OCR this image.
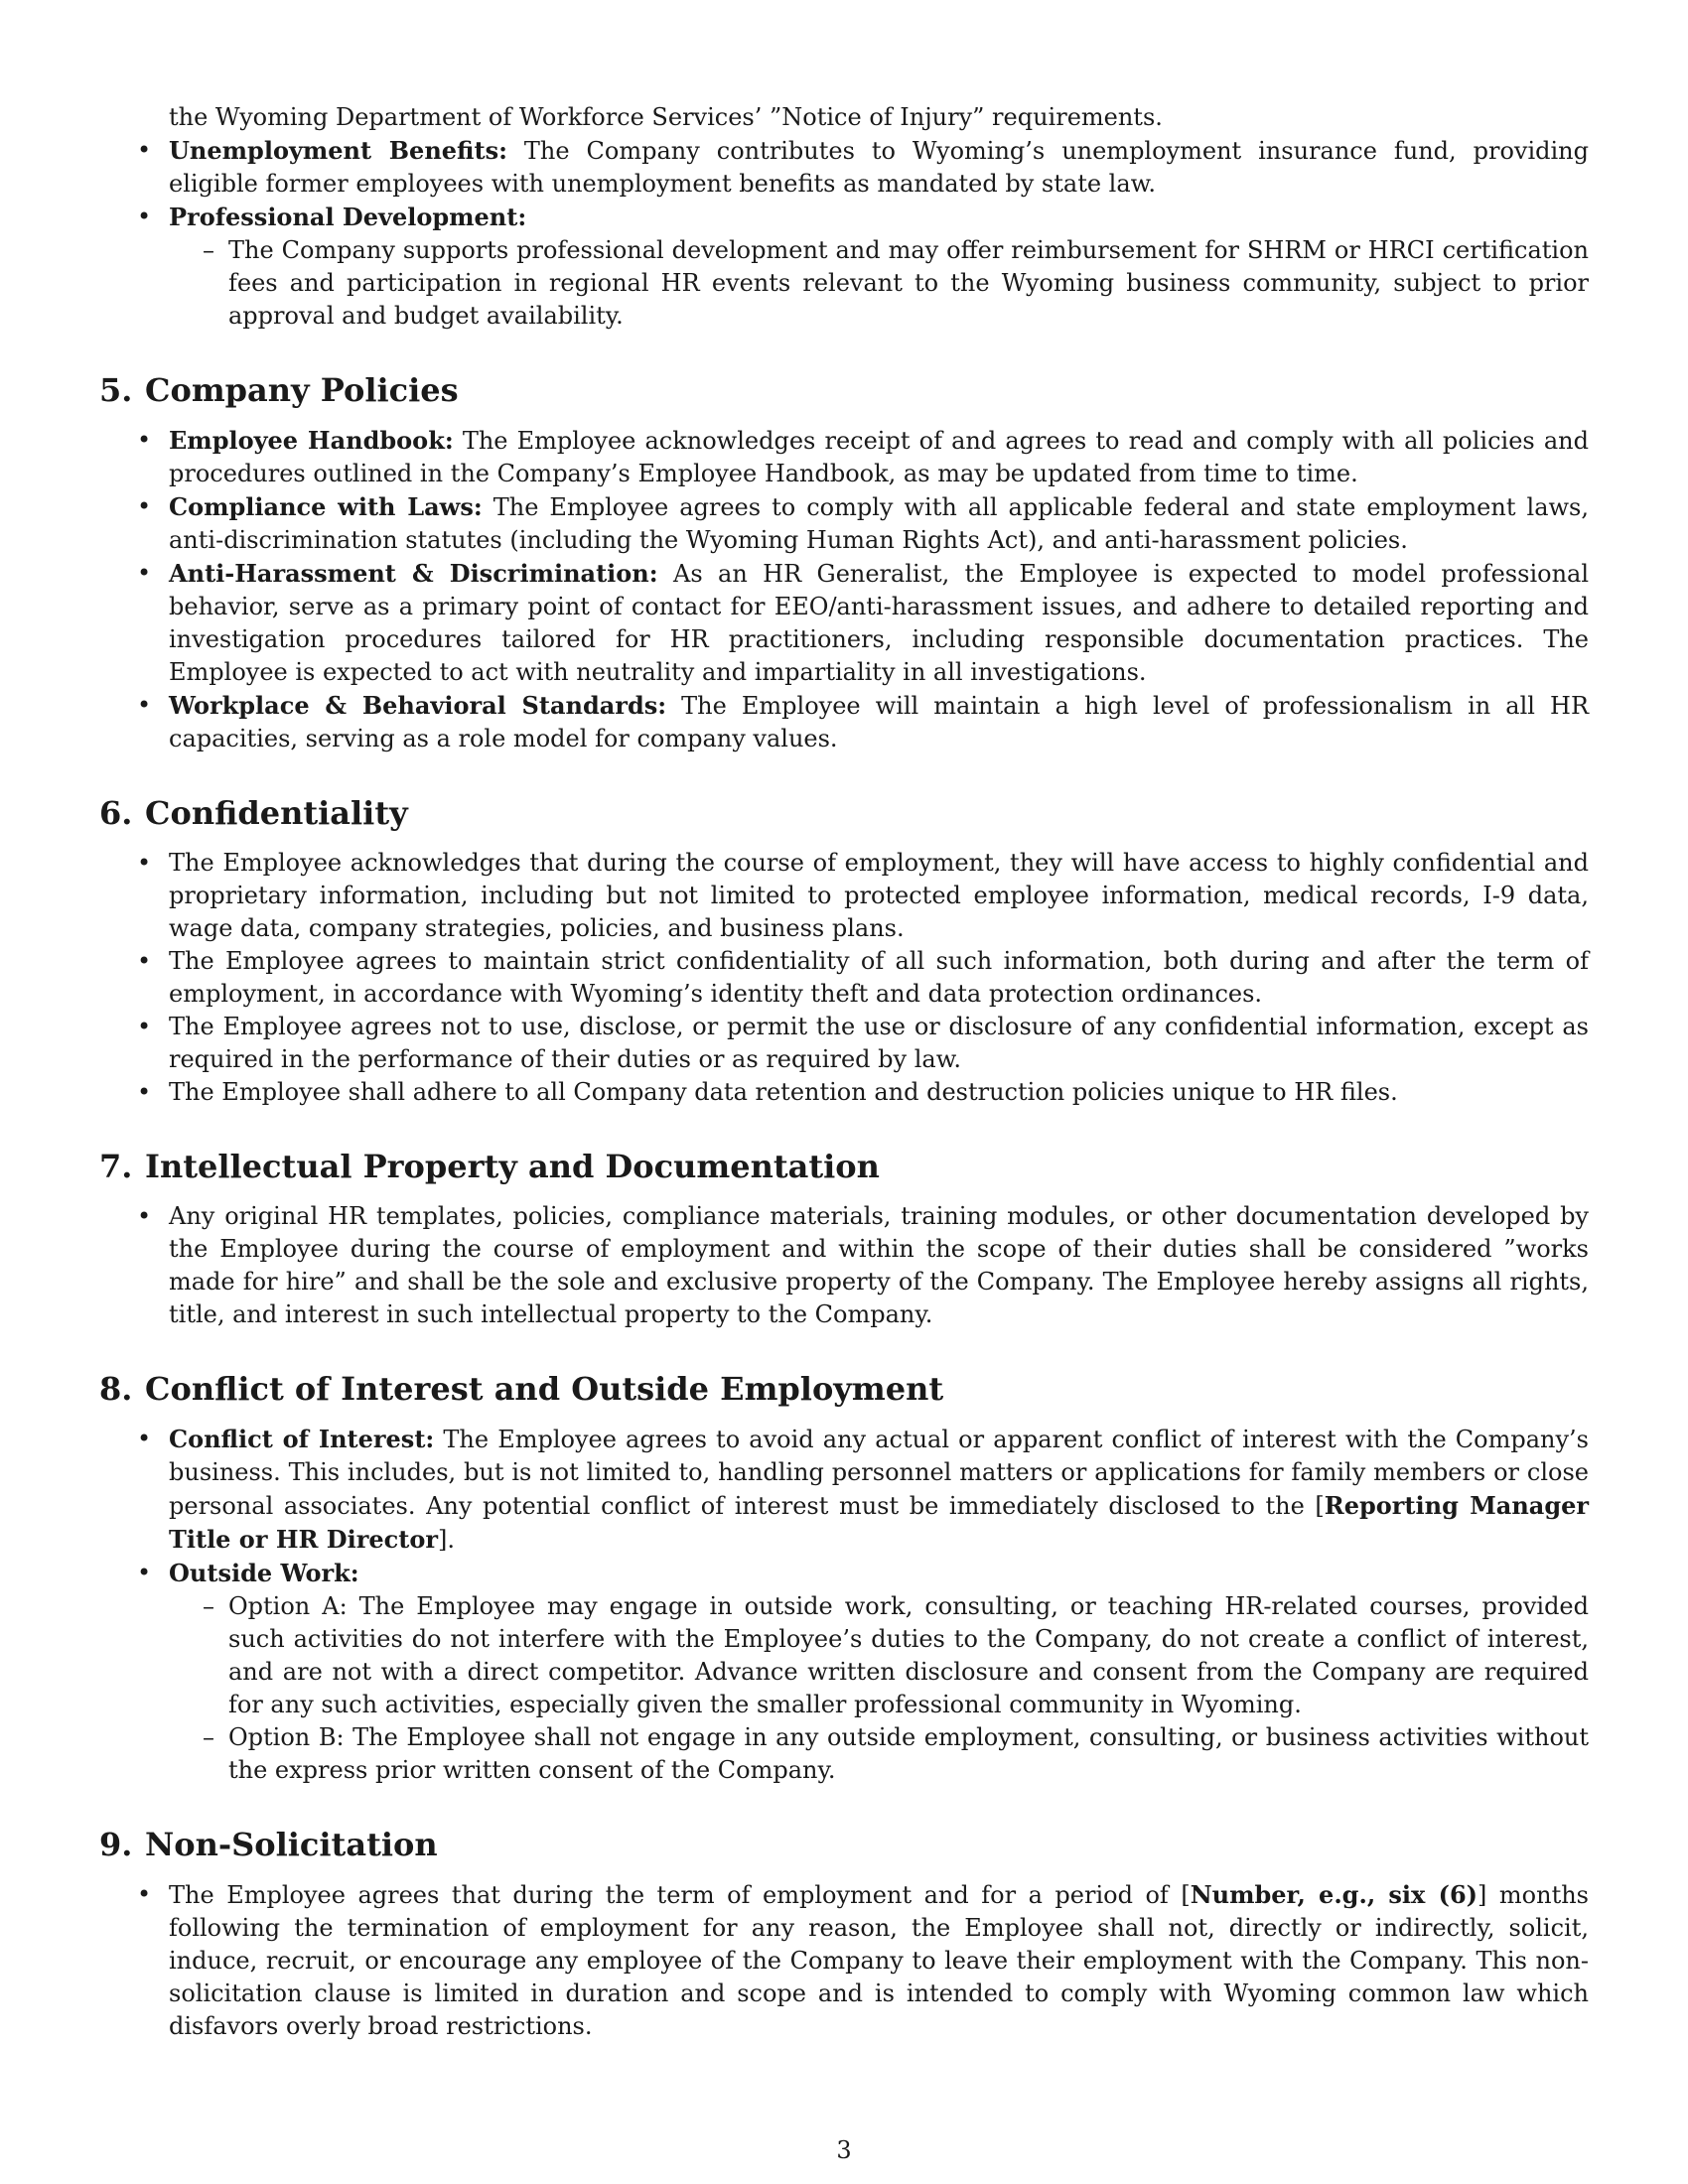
the Wyoming Department of Workforce Services’ ”Notice of Injury” requirements.
• Unemployment Benefits: The Company contributes to Wyoming’s unemployment insurance fund, providing eligible former employees with unemployment benefits as mandated by state law.
• Professional Development:
– The Company supports professional development and may offer reimbursement for SHRM or HRCI certification fees and participation in regional HR events relevant to the Wyoming business community, subject to prior approval and budget availability.
5. Company Policies
• Employee Handbook: The Employee acknowledges receipt of and agrees to read and comply with all policies and procedures outlined in the Company’s Employee Handbook, as may be updated from time to time.
• Compliance with Laws: The Employee agrees to comply with all applicable federal and state employment laws, anti-discrimination statutes (including the Wyoming Human Rights Act), and anti-harassment policies.
• Anti-Harassment & Discrimination: As an HR Generalist, the Employee is expected to model professional behavior, serve as a primary point of contact for EEO/anti-harassment issues, and adhere to detailed reporting and investigation procedures tailored for HR practitioners, including responsible documentation practices. The Employee is expected to act with neutrality and impartiality in all investigations.
• Workplace & Behavioral Standards: The Employee will maintain a high level of professionalism in all HR capacities, serving as a role model for company values.
6. Confidentiality
• The Employee acknowledges that during the course of employment, they will have access to highly confidential and proprietary information, including but not limited to protected employee information, medical records, I-9 data, wage data, company strategies, policies, and business plans.
• The Employee agrees to maintain strict confidentiality of all such information, both during and after the term of employment, in accordance with Wyoming’s identity theft and data protection ordinances.
• The Employee agrees not to use, disclose, or permit the use or disclosure of any confidential information, except as required in the performance of their duties or as required by law.
• The Employee shall adhere to all Company data retention and destruction policies unique to HR files.
7. Intellectual Property and Documentation
• Any original HR templates, policies, compliance materials, training modules, or other documentation developed by the Employee during the course of employment and within the scope of their duties shall be considered ”works made for hire” and shall be the sole and exclusive property of the Company. The Employee hereby assigns all rights, title, and interest in such intellectual property to the Company.
8. Conflict of Interest and Outside Employment
• Conflict of Interest: The Employee agrees to avoid any actual or apparent conflict of interest with the Company’s business. This includes, but is not limited to, handling personnel matters or applications for family members or close personal associates. Any potential conflict of interest must be immediately disclosed to the [Reporting Manager Title or HR Director].
• Outside Work:
– Option A: The Employee may engage in outside work, consulting, or teaching HR-related courses, provided such activities do not interfere with the Employee’s duties to the Company, do not create a conflict of interest, and are not with a direct competitor. Advance written disclosure and consent from the Company are required for any such activities, especially given the smaller professional community in Wyoming.
– Option B: The Employee shall not engage in any outside employment, consulting, or business activities without the express prior written consent of the Company.
9. Non-Solicitation
• The Employee agrees that during the term of employment and for a period of [Number, e.g., six (6)] months following the termination of employment for any reason, the Employee shall not, directly or indirectly, solicit, induce, recruit, or encourage any employee of the Company to leave their employment with the Company. This non-solicitation clause is limited in duration and scope and is intended to comply with Wyoming common law which disfavors overly broad restrictions.
3
